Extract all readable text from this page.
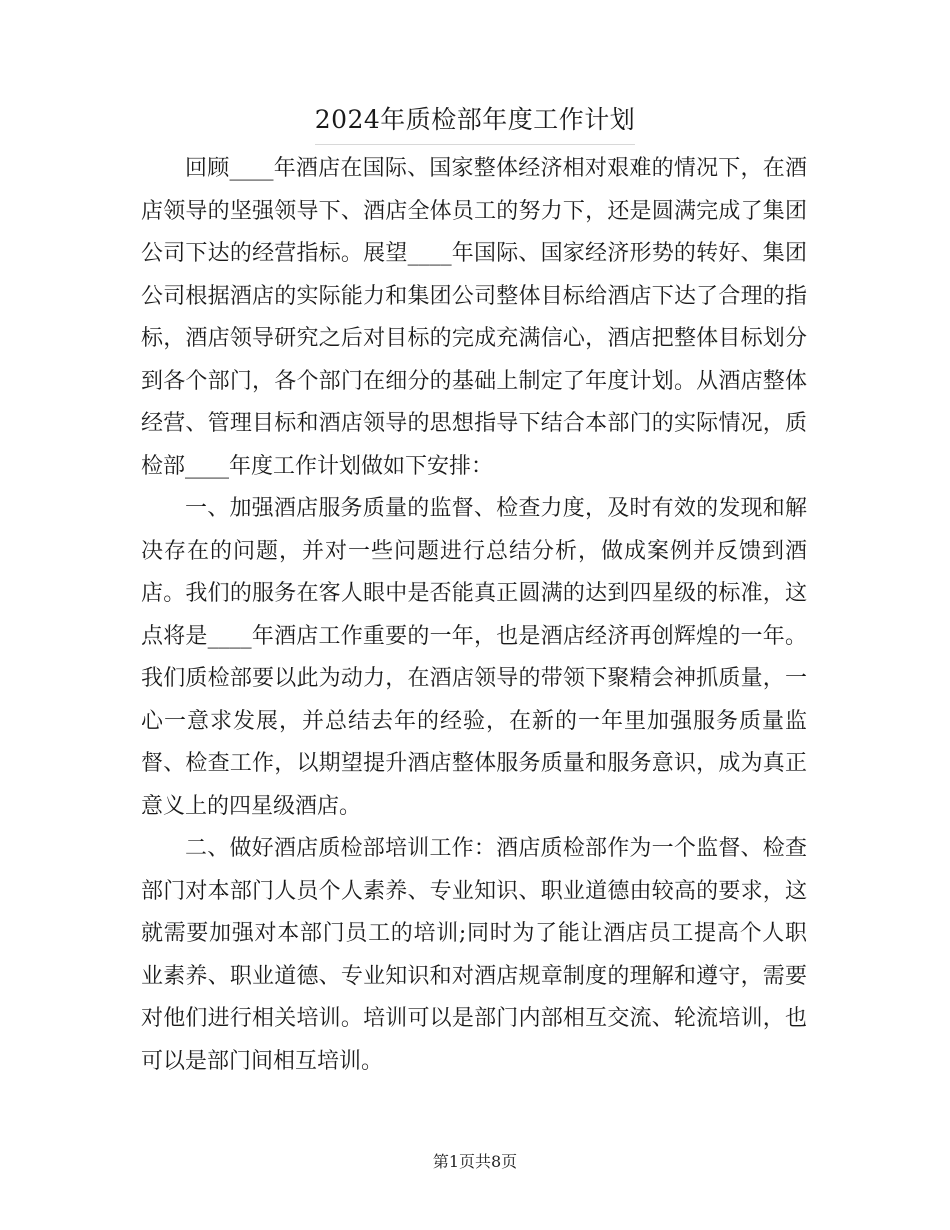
2024年质检部年度工作计划

回顾____年酒店在国际、国家整体经济相对艰难的情况下，在酒店领导的坚强领导下、酒店全体员工的努力下，还是圆满完成了集团公司下达的经营指标。展望____年国际、国家经济形势的转好、集团公司根据酒店的实际能力和集团公司整体目标给酒店下达了合理的指标，酒店领导研究之后对目标的完成充满信心，酒店把整体目标划分到各个部门，各个部门在细分的基础上制定了年度计划。从酒店整体经营、管理目标和酒店领导的思想指导下结合本部门的实际情况，质检部____年度工作计划做如下安排：

一、加强酒店服务质量的监督、检查力度，及时有效的发现和解决存在的问题，并对一些问题进行总结分析，做成案例并反馈到酒店。我们的服务在客人眼中是否能真正圆满的达到四星级的标准，这点将是____年酒店工作重要的一年，也是酒店经济再创辉煌的一年。我们质检部要以此为动力，在酒店领导的带领下聚精会神抓质量，一心一意求发展，并总结去年的经验，在新的一年里加强服务质量监督、检查工作，以期望提升酒店整体服务质量和服务意识，成为真正意义上的四星级酒店。

二、做好酒店质检部培训工作：酒店质检部作为一个监督、检查部门对本部门人员个人素养、专业知识、职业道德由较高的要求，这就需要加强对本部门员工的培训;同时为了能让酒店员工提高个人职业素养、职业道德、专业知识和对酒店规章制度的理解和遵守，需要对他们进行相关培训。培训可以是部门内部相互交流、轮流培训，也可以是部门间相互培训。

第1页共8页
